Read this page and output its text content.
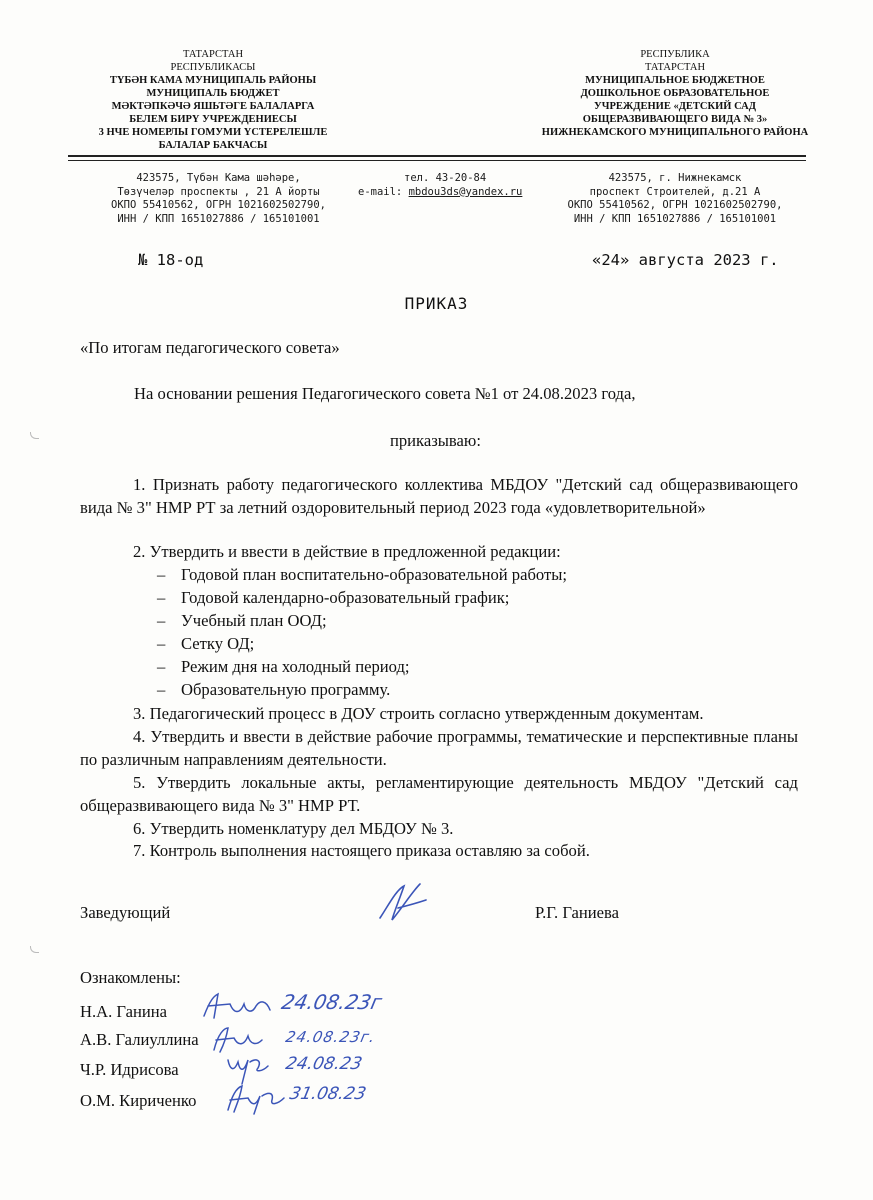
ТАТАРСТАН
РЕСПУБЛИКАСЫ
ТҮБӘН КАМА МУНИЦИПАЛЬ РАЙОНЫ
МУНИЦИПАЛЬ БЮДЖЕТ
МӘКТӘПКӘЧӘ ЯШЬТӘГЕ БАЛАЛАРГА
БЕЛЕМ БИРҮ УЧРЕЖДЕНИЕСЫ
3 НЧЕ НОМЕРЛЫ ГОМУМИ ҮСТЕРЕЛЕШЛЕ
БАЛАЛАР БАКЧАСЫ
РЕСПУБЛИКА
ТАТАРСТАН
МУНИЦИПАЛЬНОЕ БЮДЖЕТНОЕ
ДОШКОЛЬНОЕ ОБРАЗОВАТЕЛЬНОЕ
УЧРЕЖДЕНИЕ «ДЕТСКИЙ САД
ОБЩЕРАЗВИВАЮЩЕГО ВИДА № 3»
НИЖНЕКАМСКОГО МУНИЦИПАЛЬНОГО РАЙОНА
423575, Түбән Кама шәһәре,
Төзүчеләр проспекты , 21 А йорты
ОКПО 55410562, ОГРН 1021602502790,
ИНН / КПП 1651027886 / 165101001
тел. 43-20-84
e-mail: mbdou3ds@yandex.ru
423575, г. Нижнекамск
проспект Строителей, д.21 А
ОКПО 55410562, ОГРН 1021602502790,
ИНН / КПП 1651027886 / 165101001
№ 18-од	«24» августа 2023 г.
ПРИКАЗ
«По итогам педагогического совета»
На основании решения Педагогического совета №1 от 24.08.2023 года,
приказываю:
1. Признать работу педагогического коллектива МБДОУ "Детский сад общеразвивающего вида № 3" НМР РТ за летний оздоровительный период 2023 года «удовлетворительной»
2. Утвердить и ввести в действие в предложенной редакции:
– Годовой план воспитательно-образовательной работы;
– Годовой календарно-образовательный график;
– Учебный план ООД;
– Сетку ОД;
– Режим дня на холодный период;
– Образовательную программу.
3. Педагогический процесс в ДОУ строить согласно утвержденным документам.
4. Утвердить и ввести в действие рабочие программы, тематические и перспективные планы по различным направлениям деятельности.
5. Утвердить локальные акты, регламентирующие деятельность МБДОУ "Детский сад общеразвивающего вида № 3" НМР РТ.
6. Утвердить номенклатуру дел МБДОУ № 3.
7. Контроль выполнения настоящего приказа оставляю за собой.
Заведующий	Р.Г. Ганиева
Ознакомлены:
Н.А. Ганина
А.В. Галиуллина
Ч.Р. Идрисова
О.М. Кириченко
24.08.23г
24.08.23г.
24.08.23
31.08.23
